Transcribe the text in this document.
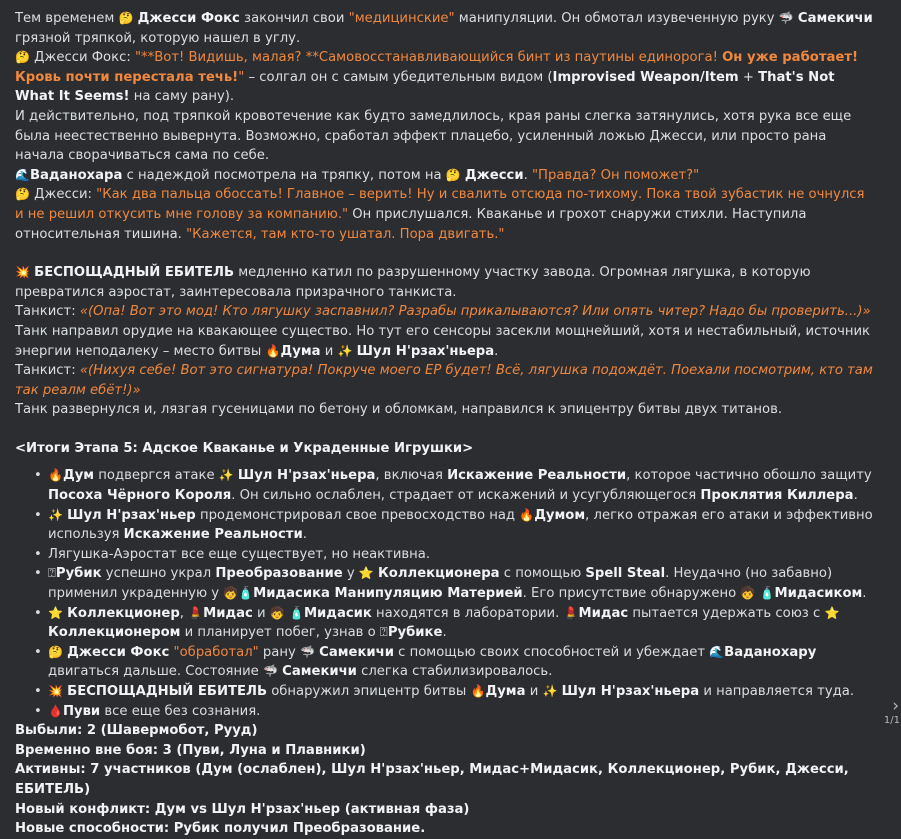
Тем временем 🤔 Джесси Фокс закончил свои "медицинские" манипуляции. Он обмотал изувеченную руку 🦈 Самекичи грязной тряпкой, которую нашел в углу.

🤔 Джесси Фокс: "**Вот! Видишь, малая? **Самовосстанавливающийся бинт из паутины единорога! Он уже работает! Кровь почти перестала течь!" – солгал он с самым убедительным видом (Improvised Weapon/Item + That's Not What It Seems! на саму рану).

И действительно, под тряпкой кровотечение как будто замедлилось, края раны слегка затянулись, хотя рука все еще была неестественно вывернута. Возможно, сработал эффект плацебо, усиленный ложью Джесси, или просто рана начала сворачиваться сама по себе.

🌊Ваданохара с надеждой посмотрела на тряпку, потом на 🤔 Джесси. "Правда? Он поможет?"

🤔 Джесси: "Как два пальца обоссать! Главное – верить! Ну и свалить отсюда по-тихому. Пока твой зубастик не очнулся и не решил откусить мне голову за компанию." Он прислушался. Кваканье и грохот снаружи стихли. Наступила относительная тишина. "Кажется, там кто-то ушатал. Пора двигать."

💥 БЕСПОЩАДНЫЙ ЕБИТЕЛЬ медленно катил по разрушенному участку завода. Огромная лягушка, в которую превратился аэростат, заинтересовала призрачного танкиста.

Танкист: «(Опа! Вот это мод! Кто лягушку заспавнил? Разрабы прикалываются? Или опять читер? Надо бы проверить...)»

Танк направил орудие на квакающее существо. Но тут его сенсоры засекли мощнейший, хотя и нестабильный, источник энергии неподалеку – место битвы 🔥Дума и ✨ Шул Н'рзах'ньера.

Танкист: «(Нихуя себе! Вот это сигнатура! Покруче моего ЕР будет! Всё, лягушка подождёт. Поехали посмотрим, кто там так реалм ебёт!)»

Танк развернулся и, лязгая гусеницами по бетону и обломкам, направился к эпицентру битвы двух титанов.

<Итоги Этапа 5: Адское Кваканье и Украденные Игрушки>

• 🔥Дум подвергся атаке ✨ Шул Н'рзах'ньера, включая Искажение Реальности, которое частично обошло защиту Посоха Чёрного Короля. Он сильно ослаблен, страдает от искажений и усугубляющегося Проклятия Киллера.
• ✨ Шул Н'рзах'ньер продемонстрировал свое превосходство над 🔥Думом, легко отражая его атаки и эффективно используя Искажение Реальности.
• Лягушка-Аэростат все еще существует, но неактивна.
• ⍰Рубик успешно украл Преобразование у ⭐ Коллекционера с помощью Spell Steal. Неудачно (но забавно) применил украденную у 🧒🧴Мидасика Манипуляцию Материей. Его присутствие обнаружено 🧒 🧴Мидасиком.
• ⭐ Коллекционер, 💄Мидас и 🧒 🧴Мидасик находятся в лаборатории. 💄Мидас пытается удержать союз с ⭐ Коллекционером и планирует побег, узнав о ⍰Рубике.
• 🤔 Джесси Фокс "обработал" рану 🦈 Самекичи с помощью своих способностей и убеждает 🌊Ваданохару двигаться дальше. Состояние 🦈 Самекичи слегка стабилизировалось.
• 💥 БЕСПОЩАДНЫЙ ЕБИТЕЛЬ обнаружил эпицентр битвы 🔥Дума и ✨ Шул Н'рзах'ньера и направляется туда.
• 🩸Пуви все еще без сознания.

Выбыли: 2 (Шавермобот, Рууд)

Временно вне боя: 3 (Пуви, Луна и Плавники)

Активны: 7 участников (Дум (ослаблен), Шул Н'рзах'ньер, Мидас+Мидасик, Коллекционер, Рубик, Джесси, ЕБИТЕЛЬ)

Новый конфликт: Дум vs Шул Н'рзах'ньер (активная фаза)

Новые способности: Рубик получил Преобразование.

›
1/1
